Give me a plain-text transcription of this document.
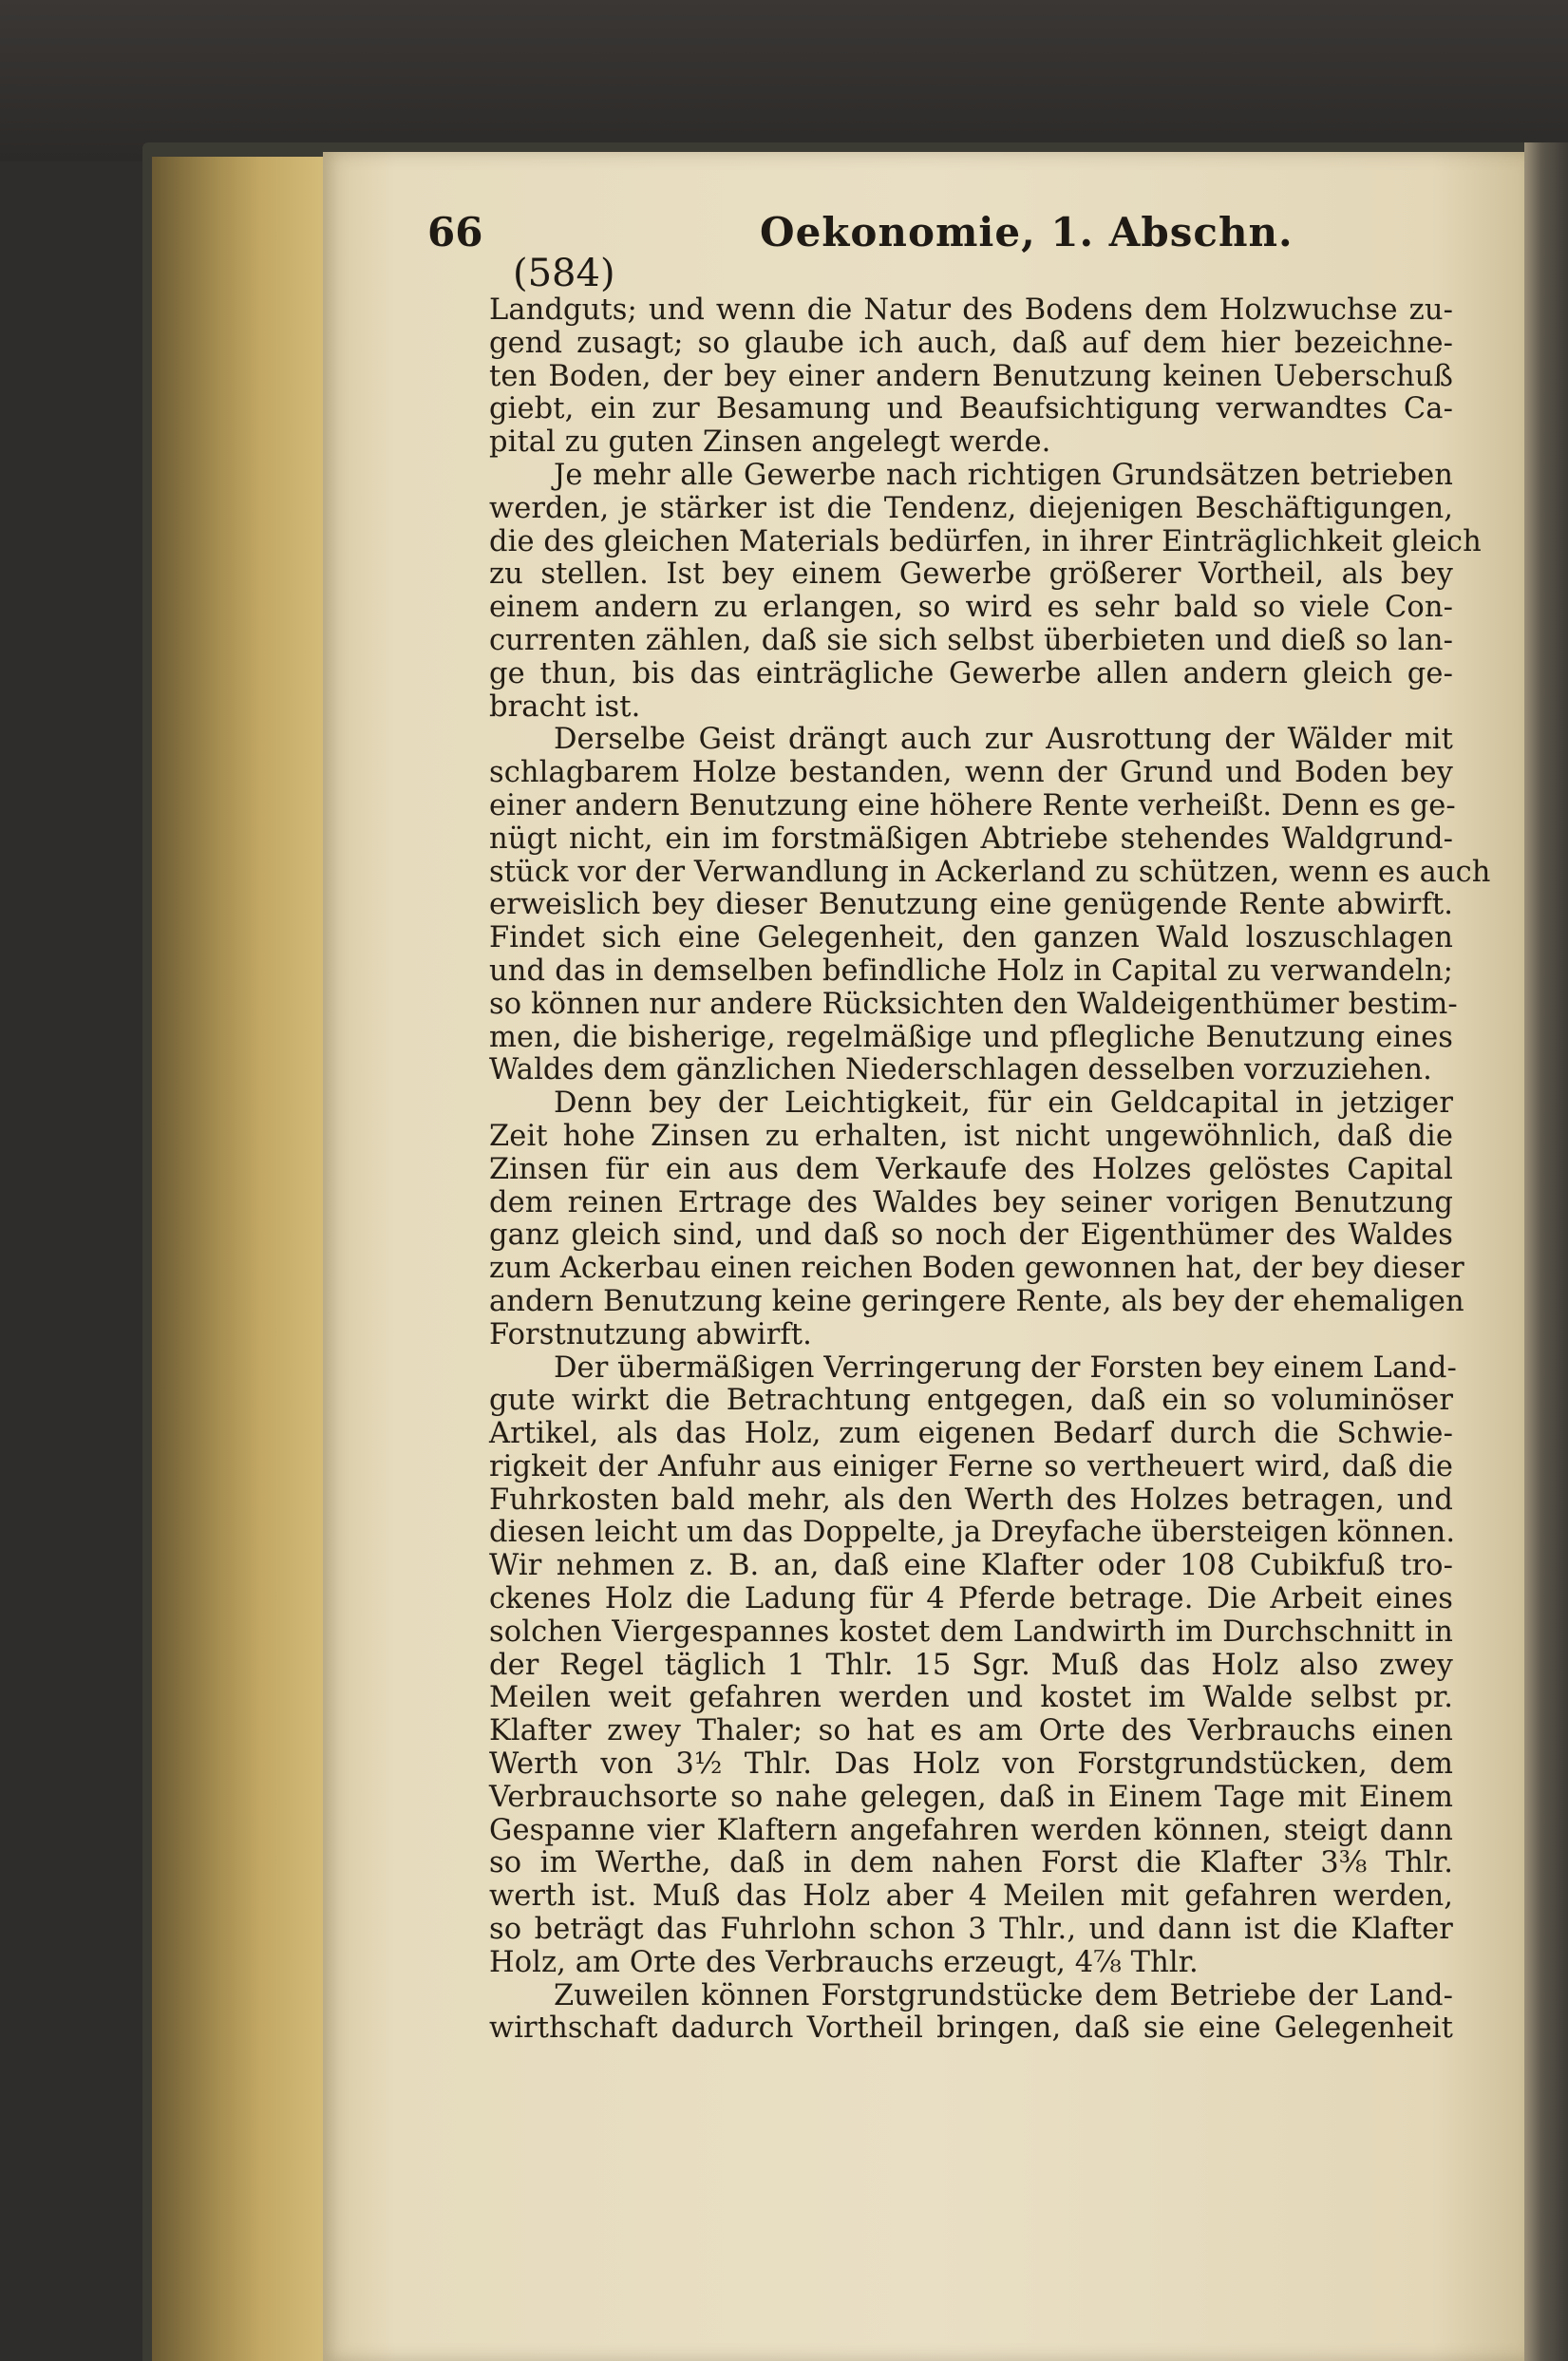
66	Oekonomie, 1. Abschn.
(584)
Landguts; und wenn die Natur des Bodens dem Holzwuchse zu-
gend zusagt; so glaube ich auch, daß auf dem hier bezeichne-
ten Boden, der bey einer andern Benutzung keinen Ueberschuß
giebt, ein zur Besamung und Beaufsichtigung verwandtes Ca-
pital zu guten Zinsen angelegt werde.
Je mehr alle Gewerbe nach richtigen Grundsätzen betrieben
werden, je stärker ist die Tendenz, diejenigen Beschäftigungen,
die des gleichen Materials bedürfen, in ihrer Einträglichkeit gleich
zu stellen. Ist bey einem Gewerbe größerer Vortheil, als bey
einem andern zu erlangen, so wird es sehr bald so viele Con-
currenten zählen, daß sie sich selbst überbieten und dieß so lan-
ge thun, bis das einträgliche Gewerbe allen andern gleich ge-
bracht ist.
Derselbe Geist drängt auch zur Ausrottung der Wälder mit
schlagbarem Holze bestanden, wenn der Grund und Boden bey
einer andern Benutzung eine höhere Rente verheißt. Denn es ge-
nügt nicht, ein im forstmäßigen Abtriebe stehendes Waldgrund-
stück vor der Verwandlung in Ackerland zu schützen, wenn es auch
erweislich bey dieser Benutzung eine genügende Rente abwirft.
Findet sich eine Gelegenheit, den ganzen Wald loszuschlagen
und das in demselben befindliche Holz in Capital zu verwandeln;
so können nur andere Rücksichten den Waldeigenthümer bestim-
men, die bisherige, regelmäßige und pflegliche Benutzung eines
Waldes dem gänzlichen Niederschlagen desselben vorzuziehen.
Denn bey der Leichtigkeit, für ein Geldcapital in jetziger
Zeit hohe Zinsen zu erhalten, ist nicht ungewöhnlich, daß die
Zinsen für ein aus dem Verkaufe des Holzes gelöstes Capital
dem reinen Ertrage des Waldes bey seiner vorigen Benutzung
ganz gleich sind, und daß so noch der Eigenthümer des Waldes
zum Ackerbau einen reichen Boden gewonnen hat, der bey dieser
andern Benutzung keine geringere Rente, als bey der ehemaligen
Forstnutzung abwirft.
Der übermäßigen Verringerung der Forsten bey einem Land-
gute wirkt die Betrachtung entgegen, daß ein so voluminöser
Artikel, als das Holz, zum eigenen Bedarf durch die Schwie-
rigkeit der Anfuhr aus einiger Ferne so vertheuert wird, daß die
Fuhrkosten bald mehr, als den Werth des Holzes betragen, und
diesen leicht um das Doppelte, ja Dreyfache übersteigen können.
Wir nehmen z. B. an, daß eine Klafter oder 108 Cubikfuß tro-
ckenes Holz die Ladung für 4 Pferde betrage. Die Arbeit eines
solchen Viergespannes kostet dem Landwirth im Durchschnitt in
der Regel täglich 1 Thlr. 15 Sgr. Muß das Holz also zwey
Meilen weit gefahren werden und kostet im Walde selbst pr.
Klafter zwey Thaler; so hat es am Orte des Verbrauchs einen
Werth von 3½ Thlr. Das Holz von Forstgrundstücken, dem
Verbrauchsorte so nahe gelegen, daß in Einem Tage mit Einem
Gespanne vier Klaftern angefahren werden können, steigt dann
so im Werthe, daß in dem nahen Forst die Klafter 3⅜ Thlr.
werth ist. Muß das Holz aber 4 Meilen mit gefahren werden,
so beträgt das Fuhrlohn schon 3 Thlr., und dann ist die Klafter
Holz, am Orte des Verbrauchs erzeugt, 4⅞ Thlr.
Zuweilen können Forstgrundstücke dem Betriebe der Land-
wirthschaft dadurch Vortheil bringen, daß sie eine Gelegenheit
